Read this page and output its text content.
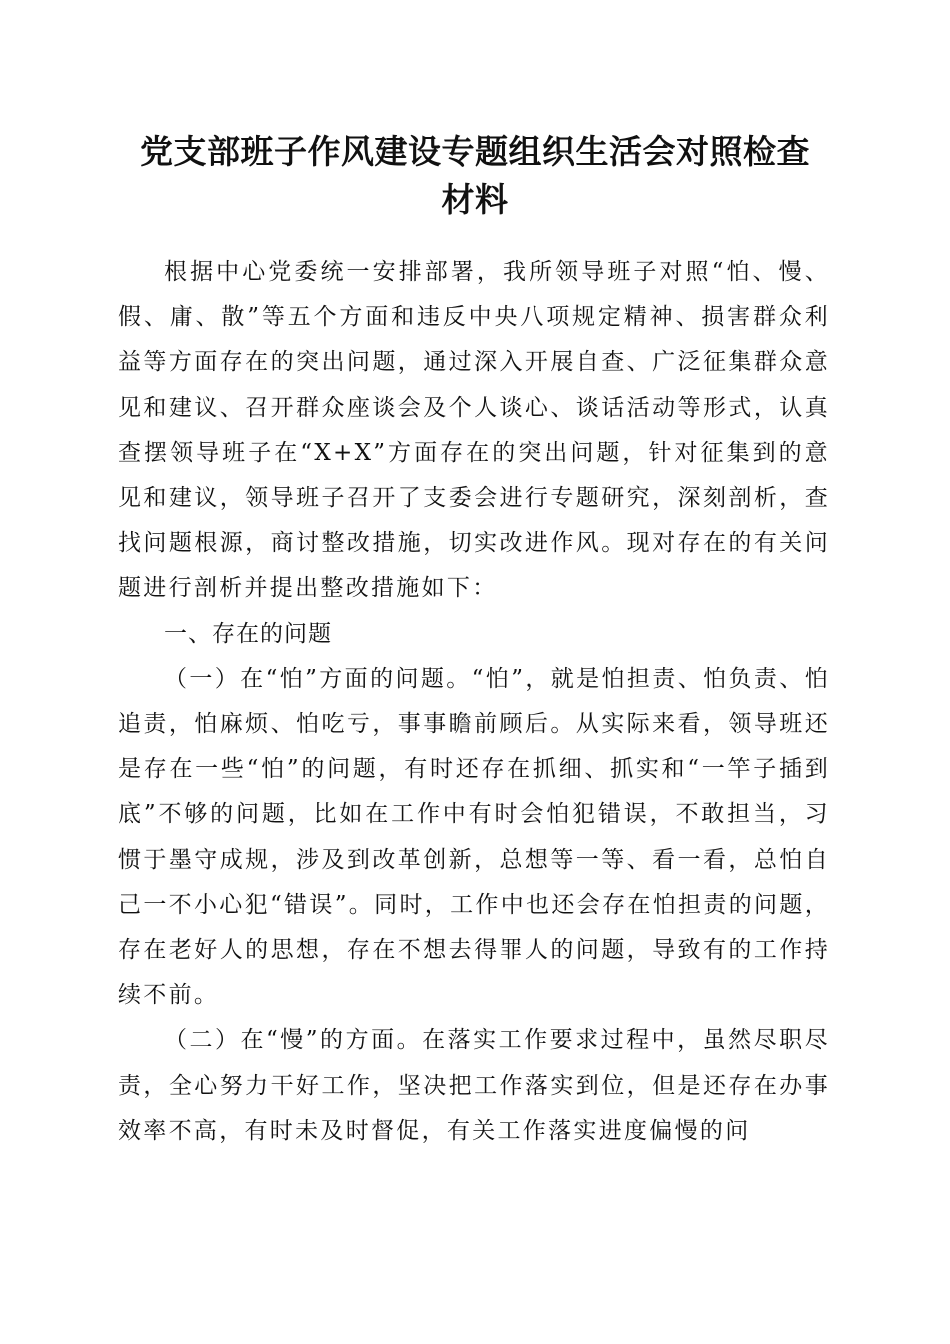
党支部班子作风建设专题组织生活会对照检查
材料

根据中心党委统一安排部署，我所领导班子对照“怕、慢、假、庸、散”等五个方面和违反中央八项规定精神、损害群众利益等方面存在的突出问题，通过深入开展自查、广泛征集群众意见和建议、召开群众座谈会及个人谈心、谈话活动等形式，认真查摆领导班子在“X+X”方面存在的突出问题，针对征集到的意见和建议，领导班子召开了支委会进行专题研究，深刻剖析，查找问题根源，商讨整改措施，切实改进作风。现对存在的有关问题进行剖析并提出整改措施如下：

一、存在的问题

（一）在“怕”方面的问题。“怕”，就是怕担责、怕负责、怕追责，怕麻烦、怕吃亏，事事瞻前顾后。从实际来看，领导班还是存在一些“怕”的问题，有时还存在抓细、抓实和“一竿子插到底”不够的问题，比如在工作中有时会怕犯错误，不敢担当，习惯于墨守成规，涉及到改革创新，总想等一等、看一看，总怕自己一不小心犯“错误”。同时，工作中也还会存在怕担责的问题，存在老好人的思想，存在不想去得罪人的问题，导致有的工作持续不前。

（二）在“慢”的方面。在落实工作要求过程中，虽然尽职尽责，全心努力干好工作，坚决把工作落实到位，但是还存在办事效率不高，有时未及时督促，有关工作落实进度偏慢的问
